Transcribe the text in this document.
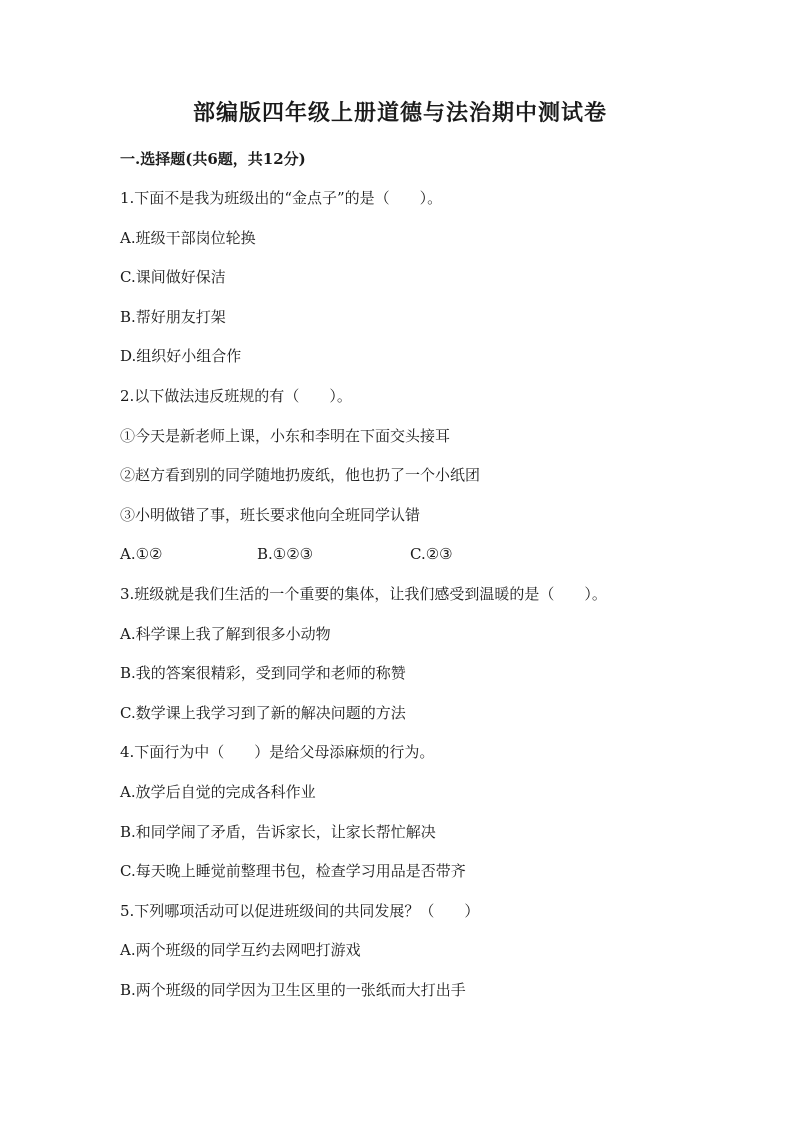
部编版四年级上册道德与法治期中测试卷
一.选择题(共6题，共12分)
1.下面不是我为班级出的“金点子”的是（　　）。
A.班级干部岗位轮换
C.课间做好保洁
B.帮好朋友打架
D.组织好小组合作
2.以下做法违反班规的有（　　）。
①今天是新老师上课，小东和李明在下面交头接耳
②赵方看到别的同学随地扔废纸，他也扔了一个小纸团
③小明做错了事，班长要求他向全班同学认错
A.①②	B.①②③	C.②③
3.班级就是我们生活的一个重要的集体，让我们感受到温暖的是（　　）。
A.科学课上我了解到很多小动物
B.我的答案很精彩，受到同学和老师的称赞
C.数学课上我学习到了新的解决问题的方法
4.下面行为中（　　）是给父母添麻烦的行为。
A.放学后自觉的完成各科作业
B.和同学闹了矛盾，告诉家长，让家长帮忙解决
C.每天晚上睡觉前整理书包，检查学习用品是否带齐
5.下列哪项活动可以促进班级间的共同发展？（　　）
A.两个班级的同学互约去网吧打游戏
B.两个班级的同学因为卫生区里的一张纸而大打出手
